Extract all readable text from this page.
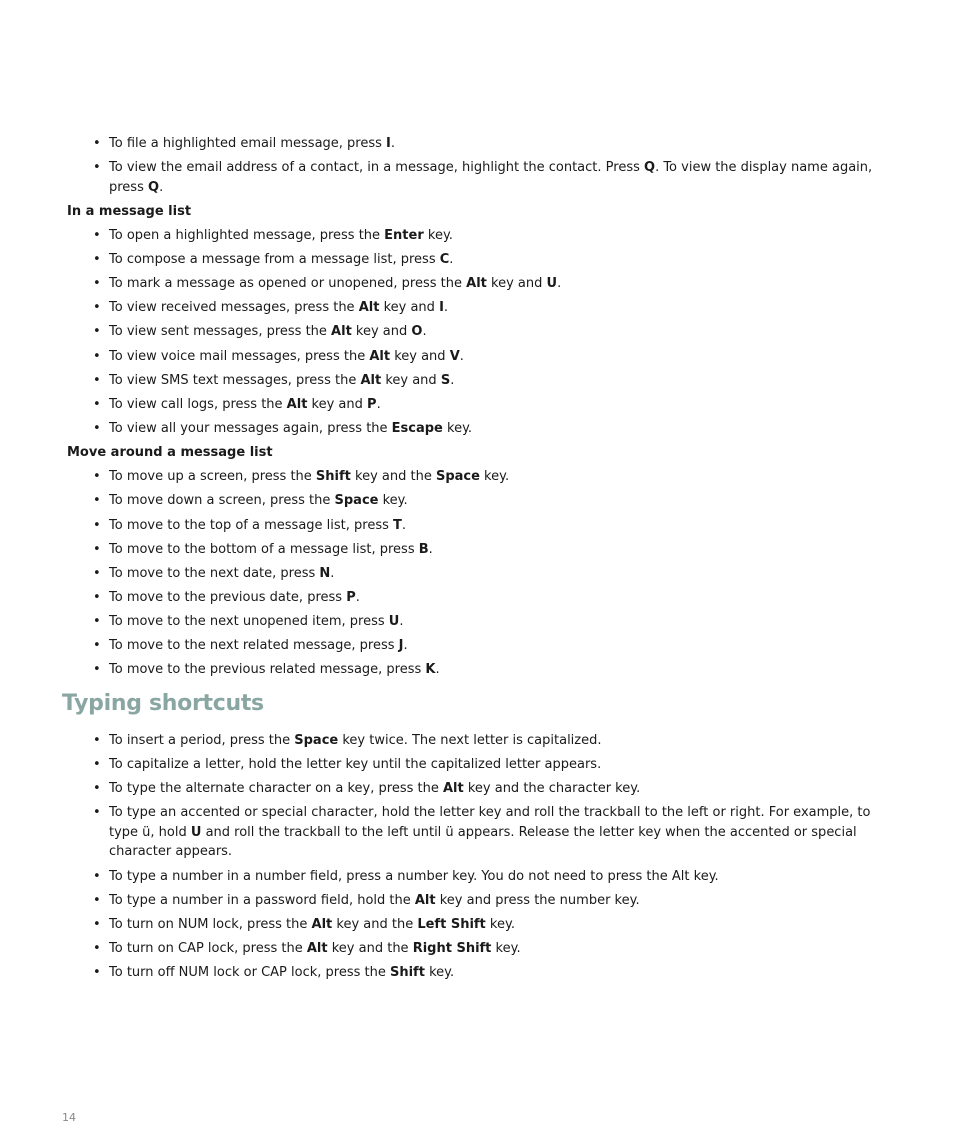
• To file a highlighted email message, press I.
• To view the email address of a contact, in a message, highlight the contact. Press Q. To view the display name again, press Q.
In a message list
• To open a highlighted message, press the Enter key.
• To compose a message from a message list, press C.
• To mark a message as opened or unopened, press the Alt key and U.
• To view received messages, press the Alt key and I.
• To view sent messages, press the Alt key and O.
• To view voice mail messages, press the Alt key and V.
• To view SMS text messages, press the Alt key and S.
• To view call logs, press the Alt key and P.
• To view all your messages again, press the Escape key.
Move around a message list
• To move up a screen, press the Shift key and the Space key.
• To move down a screen, press the Space key.
• To move to the top of a message list, press T.
• To move to the bottom of a message list, press B.
• To move to the next date, press N.
• To move to the previous date, press P.
• To move to the next unopened item, press U.
• To move to the next related message, press J.
• To move to the previous related message, press K.
Typing shortcuts
• To insert a period, press the Space key twice. The next letter is capitalized.
• To capitalize a letter, hold the letter key until the capitalized letter appears.
• To type the alternate character on a key, press the Alt key and the character key.
• To type an accented or special character, hold the letter key and roll the trackball to the left or right. For example, to type ü, hold U and roll the trackball to the left until ü appears. Release the letter key when the accented or special character appears.
• To type a number in a number field, press a number key. You do not need to press the Alt key.
• To type a number in a password field, hold the Alt key and press the number key.
• To turn on NUM lock, press the Alt key and the Left Shift key.
• To turn on CAP lock, press the Alt key and the Right Shift key.
• To turn off NUM lock or CAP lock, press the Shift key.
14
